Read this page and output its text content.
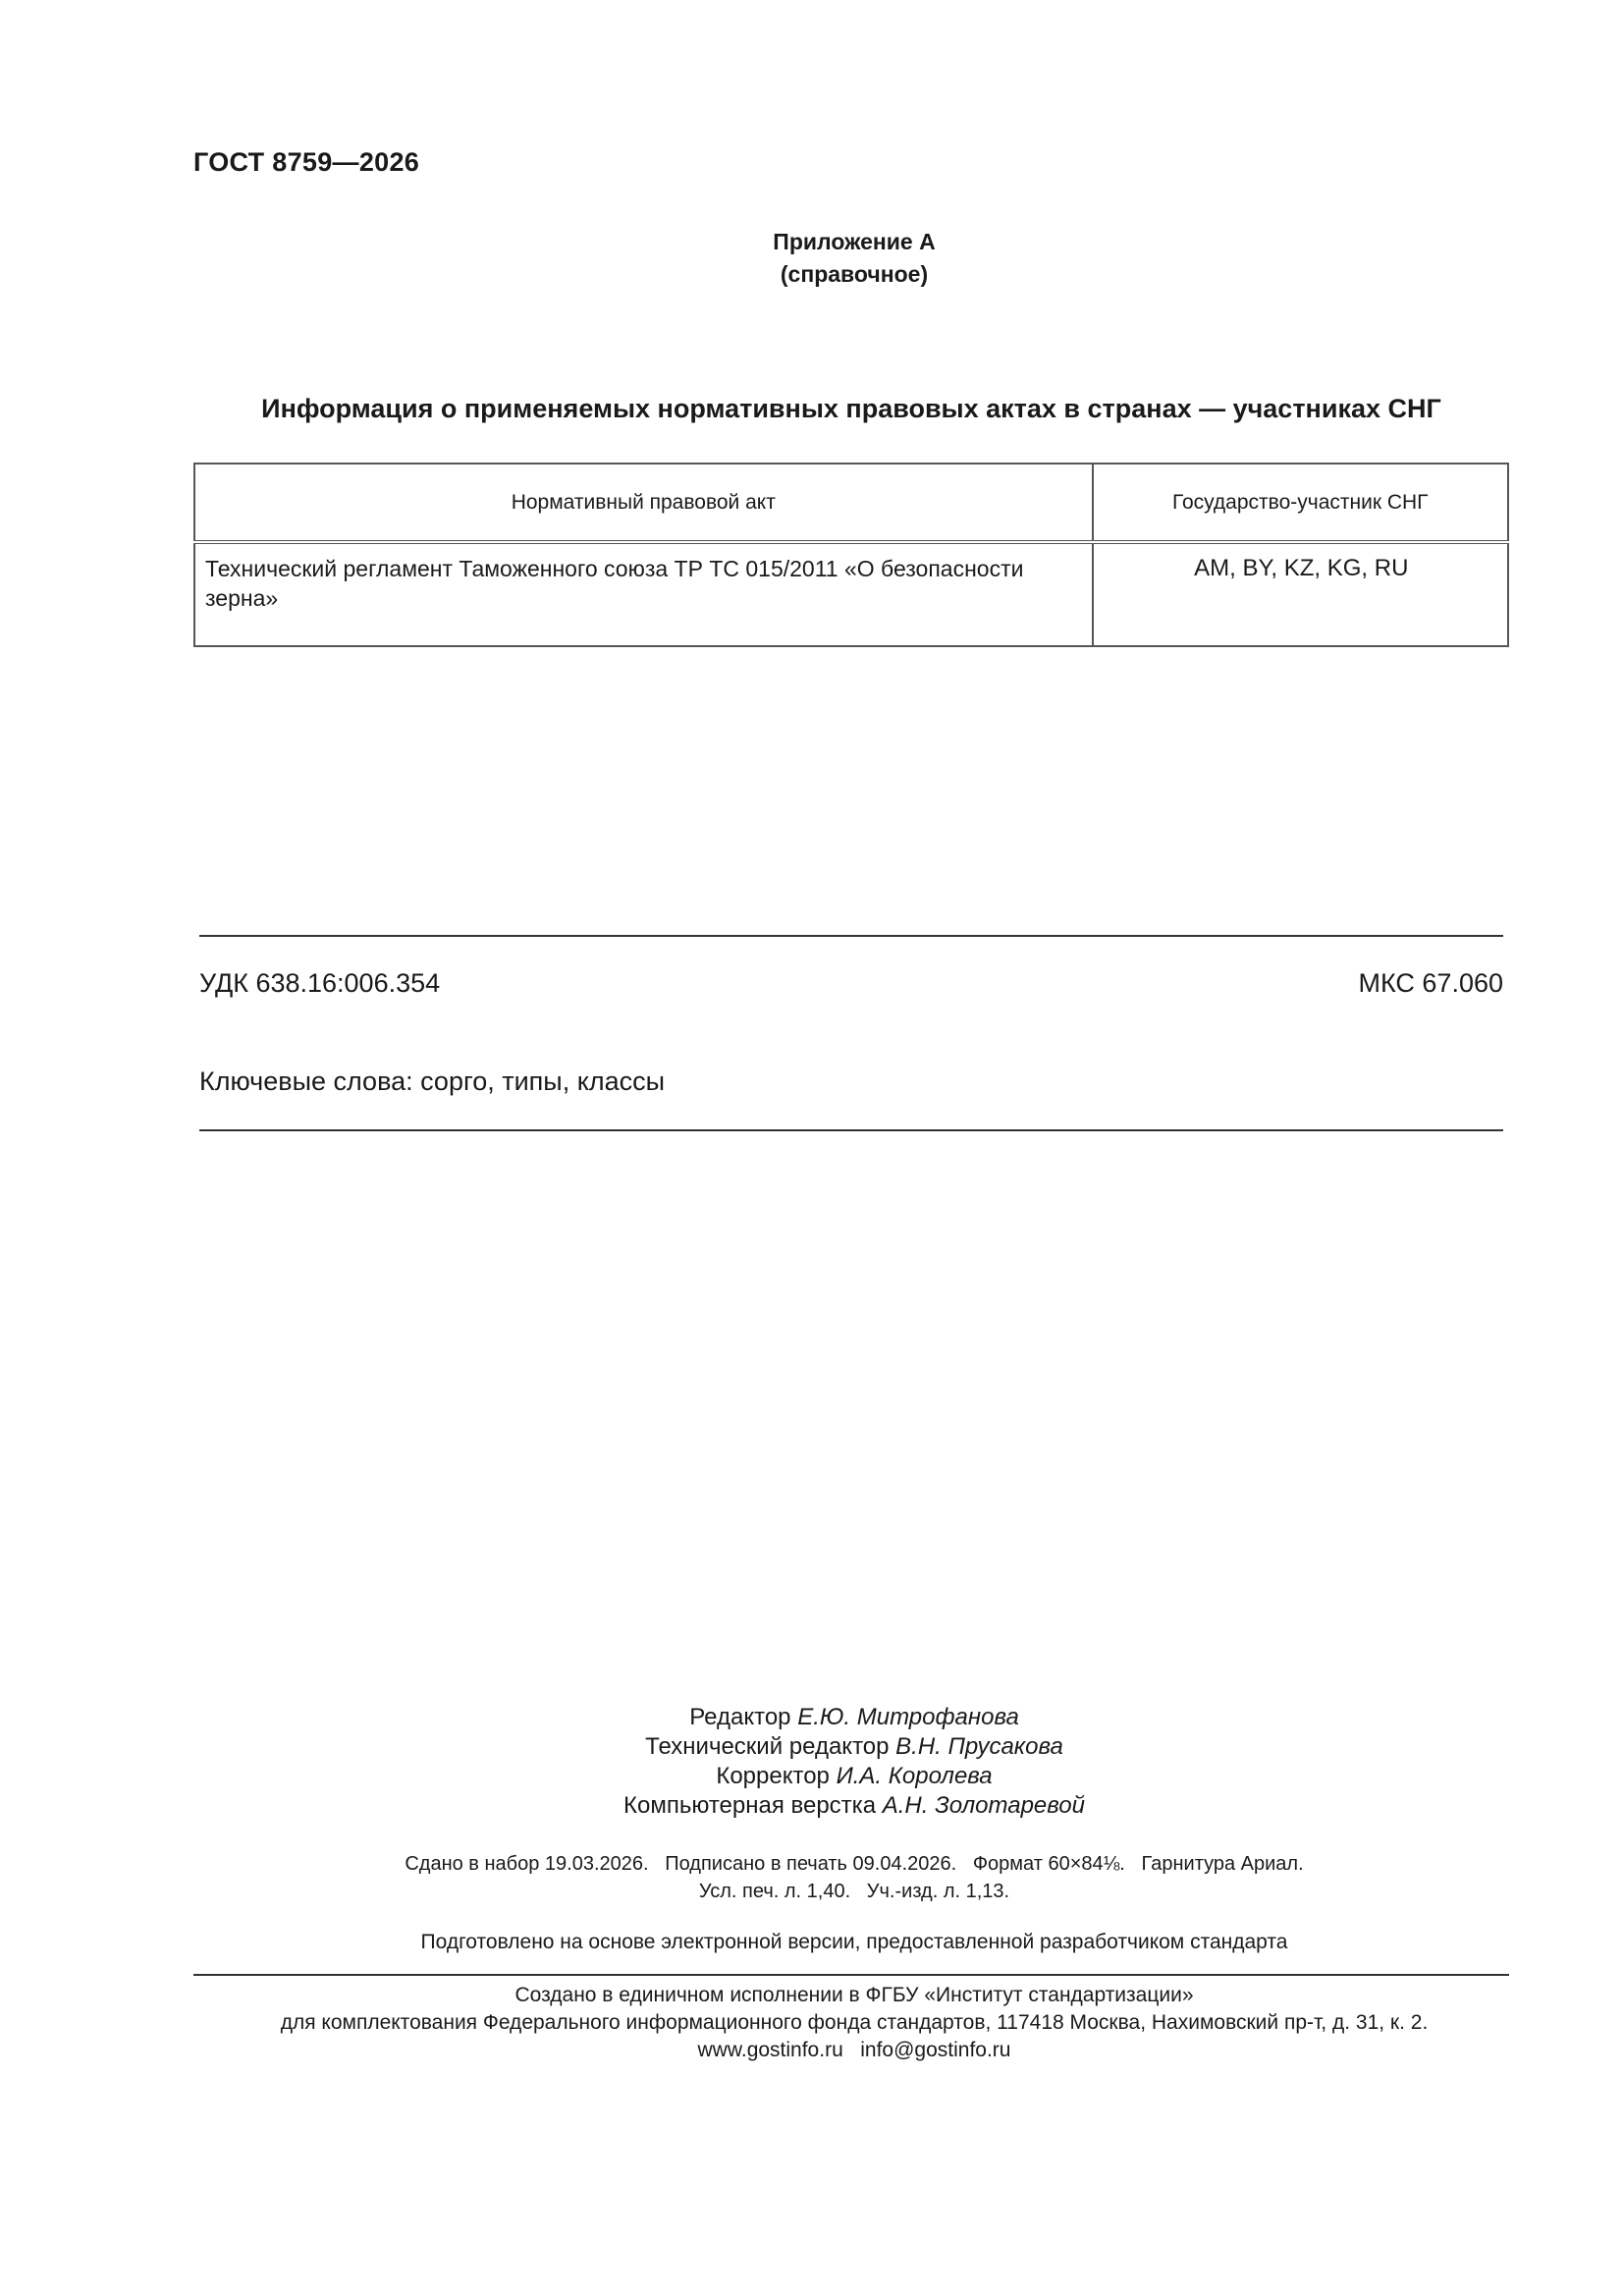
ГОСТ 8759—2026
Приложение А
(справочное)
Информация о применяемых нормативных правовых актах в странах — участниках СНГ
Нормативный правовой акт	Государство-участник СНГ
Технический регламент Таможенного союза ТР ТС 015/2011 «О безопасности зерна»	AM, BY, KZ, KG, RU
УДК 638.16:006.354	МКС 67.060
Ключевые слова: сорго, типы, классы
Редактор Е.Ю. Митрофанова
Технический редактор В.Н. Прусакова
Корректор И.А. Королева
Компьютерная верстка А.Н. Золотаревой
Сдано в набор 19.03.2026.   Подписано в печать 09.04.2026.   Формат 60×84⅛.   Гарнитура Ариал.
Усл. печ. л. 1,40.   Уч.-изд. л. 1,13.
Подготовлено на основе электронной версии, предоставленной разработчиком стандарта
Создано в единичном исполнении в ФГБУ «Институт стандартизации»
для комплектования Федерального информационного фонда стандартов, 117418 Москва, Нахимовский пр-т, д. 31, к. 2.
www.gostinfo.ru   info@gostinfo.ru
